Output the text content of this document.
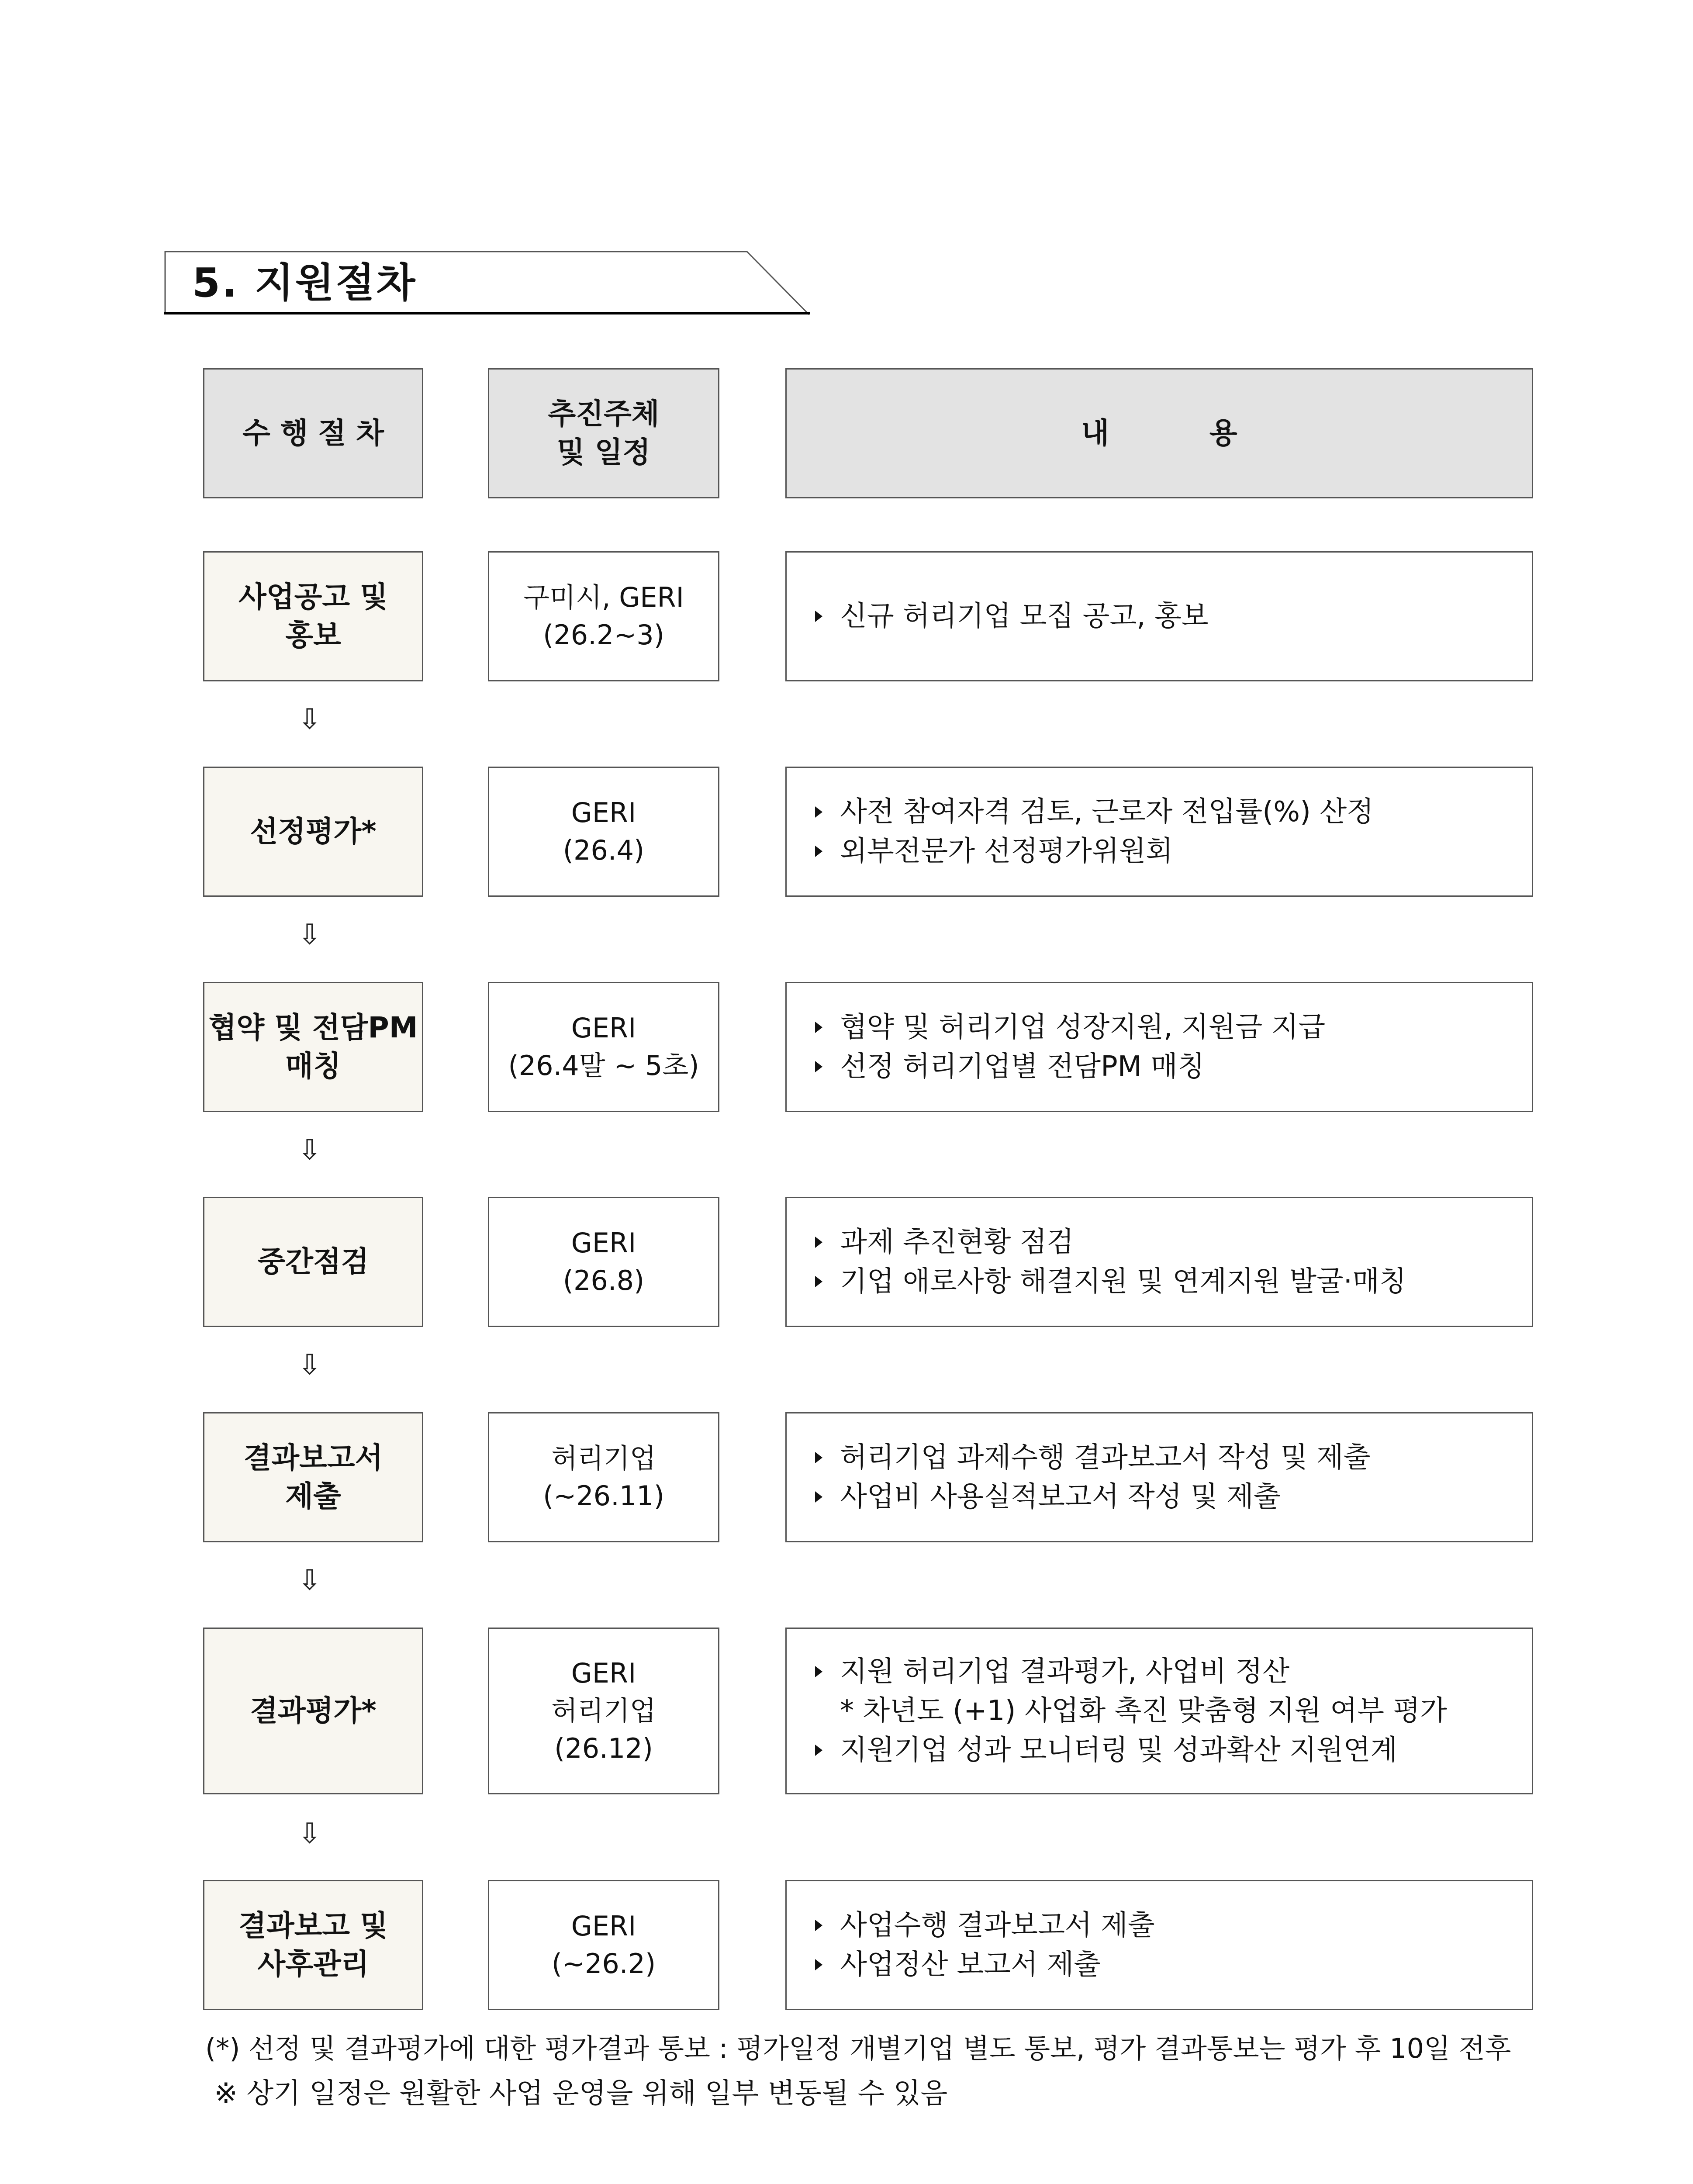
5. 지원절차
수 행 절 차
추진주체
및 일정
내          용
사업공고 및
홍보
구미시, GERI
(26.2~3)
신규 허리기업 모집 공고, 홍보
⇩
선정평가*
GERI
(26.4)
사전 참여자격 검토, 근로자 전입률(%) 산정
외부전문가 선정평가위원회
⇩
협약 및 전담PM
매칭
GERI
(26.4말 ~ 5초)
협약 및 허리기업 성장지원, 지원금 지급
선정 허리기업별 전담PM 매칭
⇩
중간점검
GERI
(26.8)
과제 추진현황 점검
기업 애로사항 해결지원 및 연계지원 발굴·매칭
⇩
결과보고서
제출
허리기업
(~26.11)
허리기업 과제수행 결과보고서 작성 및 제출
사업비 사용실적보고서 작성 및 제출
⇩
결과평가*
GERI
허리기업
(26.12)
지원 허리기업 결과평가, 사업비 정산
* 차년도 (+1) 사업화 촉진 맞춤형 지원 여부 평가
지원기업 성과 모니터링 및 성과확산 지원연계
⇩
결과보고 및
사후관리
GERI
(~26.2)
사업수행 결과보고서 제출
사업정산 보고서 제출
(*) 선정 및 결과평가에 대한 평가결과 통보 : 평가일정 개별기업 별도 통보, 평가 결과통보는 평가 후 10일 전후
※ 상기 일정은 원활한 사업 운영을 위해 일부 변동될 수 있음
